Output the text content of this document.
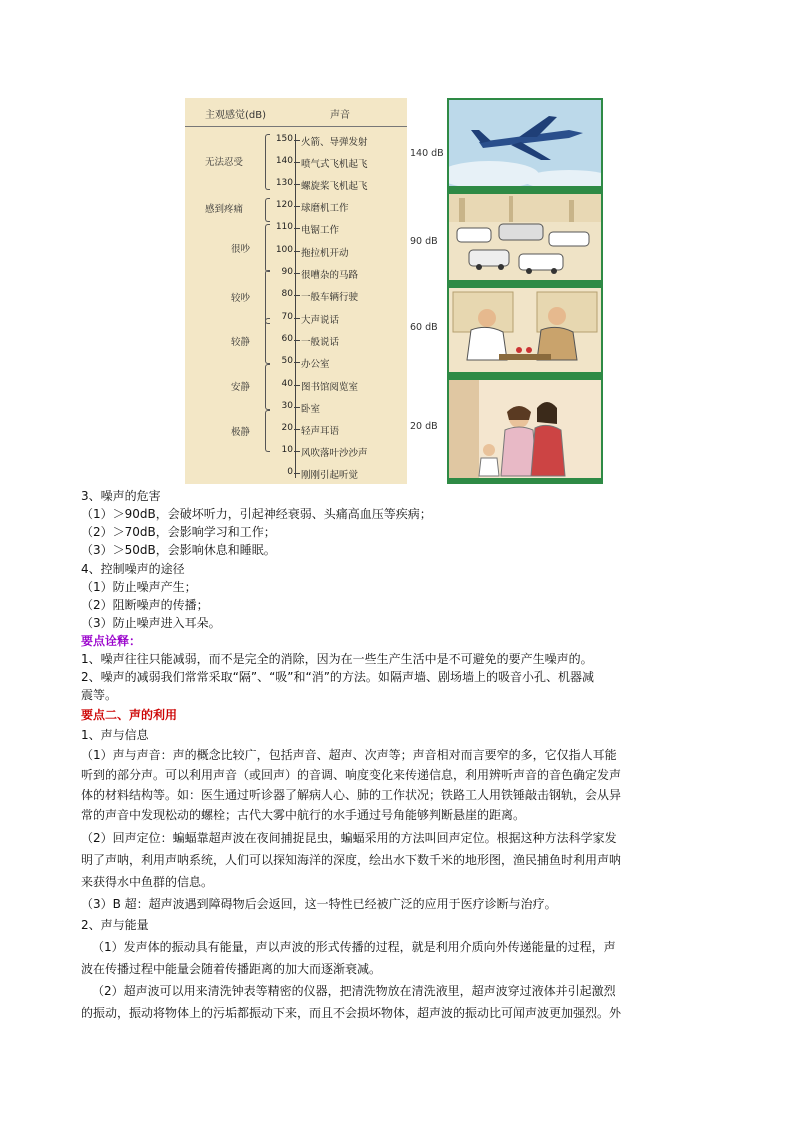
主观感觉(dB)	声音
无法忍受
感到疼痛
很吵
较吵
较静
安静
极静
150 火箭、导弹发射
140 喷气式飞机起飞
130 螺旋桨飞机起飞
120 球磨机工作
110 电锯工作
100 拖拉机开动
90 很嘈杂的马路
80 一般车辆行驶
70 大声说话
60 一般说话
50 办公室
40 图书馆阅览室
30 卧室
20 轻声耳语
10 风吹落叶沙沙声
0 刚刚引起听觉
140 dB
90 dB
60 dB
20 dB
3、噪声的危害
（1）＞90dB，会破坏听力，引起神经衰弱、头痛高血压等疾病；
（2）＞70dB，会影响学习和工作；
（3）＞50dB，会影响休息和睡眠。
4、控制噪声的途径
（1）防止噪声产生；
（2）阻断噪声的传播；
（3）防止噪声进入耳朵。
要点诠释：
1、噪声往往只能减弱，而不是完全的消除，因为在一些生产生活中是不可避免的要产生噪声的。
2、噪声的减弱我们常常采取“隔”、“吸”和“消”的方法。如隔声墙、剧场墙上的吸音小孔、机器减
震等。
要点二、声的利用
1、声与信息
（1）声与声音：声的概念比较广，包括声音、超声、次声等；声音相对而言要窄的多，它仅指人耳能
听到的部分声。可以利用声音（或回声）的音调、响度变化来传递信息，利用辨听声音的音色确定发声
体的材料结构等。如：医生通过听诊器了解病人心、肺的工作状况；铁路工人用铁锤敲击钢轨，会从异
常的声音中发现松动的螺栓；古代大雾中航行的水手通过号角能够判断悬崖的距离。
（2）回声定位：蝙蝠靠超声波在夜间捕捉昆虫，蝙蝠采用的方法叫回声定位。根据这种方法科学家发
明了声呐，利用声呐系统，人们可以探知海洋的深度，绘出水下数千米的地形图，渔民捕鱼时利用声呐
来获得水中鱼群的信息。
（3）B 超：超声波遇到障碍物后会返回，这一特性已经被广泛的应用于医疗诊断与治疗。
2、声与能量
（1）发声体的振动具有能量，声以声波的形式传播的过程，就是利用介质向外传递能量的过程，声
波在传播过程中能量会随着传播距离的加大而逐渐衰减。
（2）超声波可以用来清洗钟表等精密的仪器，把清洗物放在清洗液里，超声波穿过液体并引起激烈
的振动，振动将物体上的污垢都振动下来，而且不会损坏物体，超声波的振动比可闻声波更加强烈。外
